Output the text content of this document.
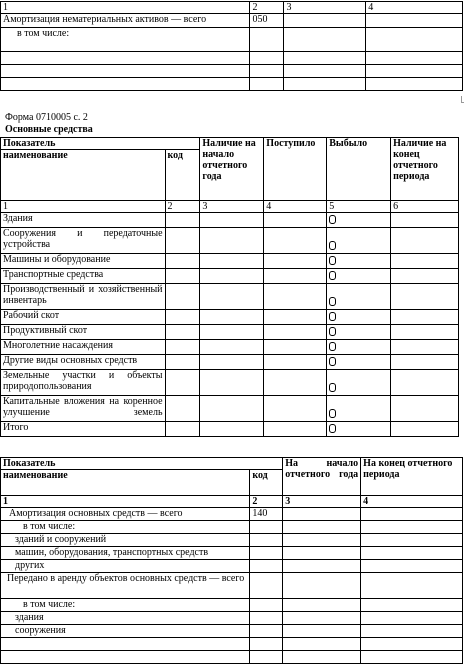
1	2	3	4
Амортизация нематериальных активов — всего	050		
в том числе:			

Форма 0710005 с. 2
Основные средства
Показатель		Наличие на начало отчетного года	Поступило	Выбыло	Наличие на конец отчетного периода
наименование	код				
1	2	3	4	5	6
Здания					
Сооружения и передаточные устройства					
Машины и оборудование					
Транспортные средства					
Производственный и хозяйственный инвентарь					
Рабочий скот					
Продуктивный скот					
Многолетние насаждения					
Другие виды основных средств					
Земельные участки и объекты природопользования					
Капитальные вложения на коренное улучшение земель					
Итого					
Показатель		На начало отчетного года	На конец отчетного периода
наименование	код		
1	2	3	4
Амортизация основных средств — всего	140		
в том числе:			
зданий и сооружений			
машин, оборудования, транспортных средств			
других			
Передано в аренду объектов основных средств — всего			
в том числе:			
здания			
сооружения			
